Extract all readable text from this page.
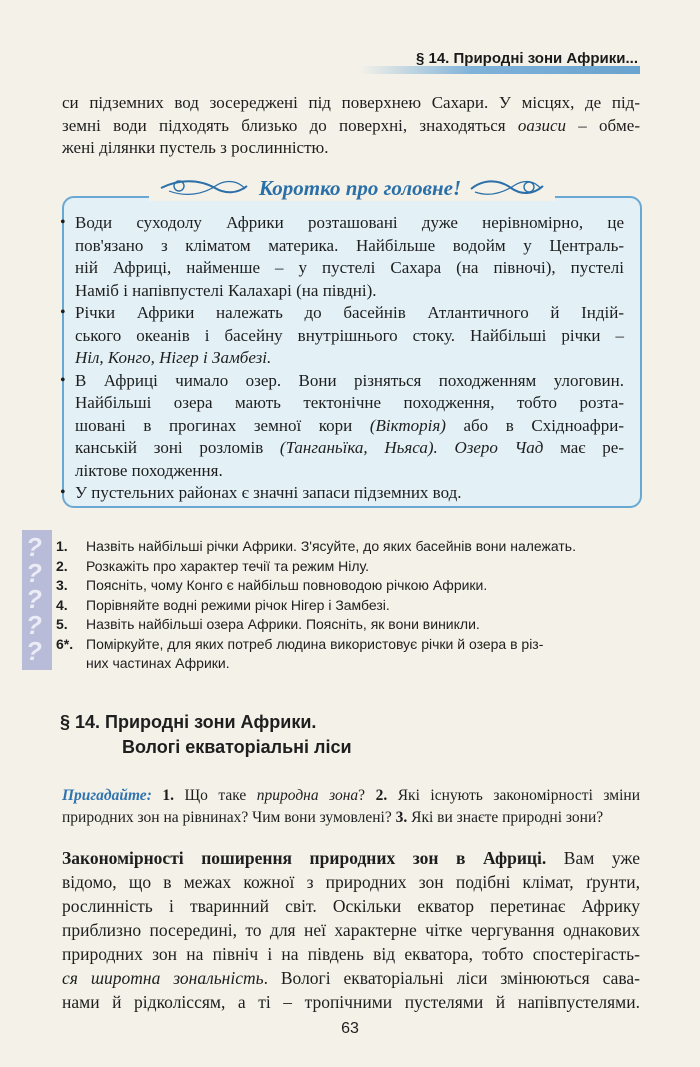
§ 14. Природні зони Африки...
си підземних вод зосереджені під поверхнею Сахари. У місцях, де під-
земні води підходять близько до поверхні, знаходяться оазиси – обме-
жені ділянки пустель з рослинністю.
Коротко про головне!
• Води суходолу Африки розташовані дуже нерівномірно, це
пов'язано з кліматом материка. Найбільше водойм у Централь-
ній Африці, найменше – у пустелі Сахара (на півночі), пустелі
Наміб і напівпустелі Калахарі (на півдні).
• Річки Африки належать до басейнів Атлантичного й Індій-
ського океанів і басейну внутрішнього стоку. Найбільші річки –
Ніл, Конго, Нігер і Замбезі.
• В Африці чимало озер. Вони різняться походженням улоговин.
Найбільші озера мають тектонічне походження, тобто розта-
шовані в прогинах земної кори (Вікторія) або в Східноафри-
канській зоні розломів (Танганьїка, Ньяса). Озеро Чад має ре-
ліктове походження.
• У пустельних районах є значні запаси підземних вод.
?
?
?
?
?
1. Назвіть найбільші річки Африки. З'ясуйте, до яких басейнів вони належать.
2. Розкажіть про характер течії та режим Нілу.
3. Поясніть, чому Конго є найбільш повноводою річкою Африки.
4. Порівняйте водні режими річок Нігер і Замбезі.
5. Назвіть найбільші озера Африки. Поясніть, як вони виникли.
6*. Поміркуйте, для яких потреб людина використовує річки й озера в різ-
них частинах Африки.
§ 14. Природні зони Африки.
Вологі екваторіальні ліси
Пригадайте: 1. Що таке природна зона? 2. Які існують закономірності зміни
природних зон на рівнинах? Чим вони зумовлені? 3. Які ви знаєте природні зони?
Закономірності поширення природних зон в Африці. Вам уже
відомо, що в межах кожної з природних зон подібні клімат, ґрунти,
рослинність і тваринний світ. Оскільки екватор перетинає Африку
приблизно посередині, то для неї характерне чітке чергування однакових
природних зон на північ і на південь від екватора, тобто спостерігасть-
ся широтна зональність. Вологі екваторіальні ліси змінюються сава-
нами й рідколіссям, а ті – тропічними пустелями й напівпустелями.
63
